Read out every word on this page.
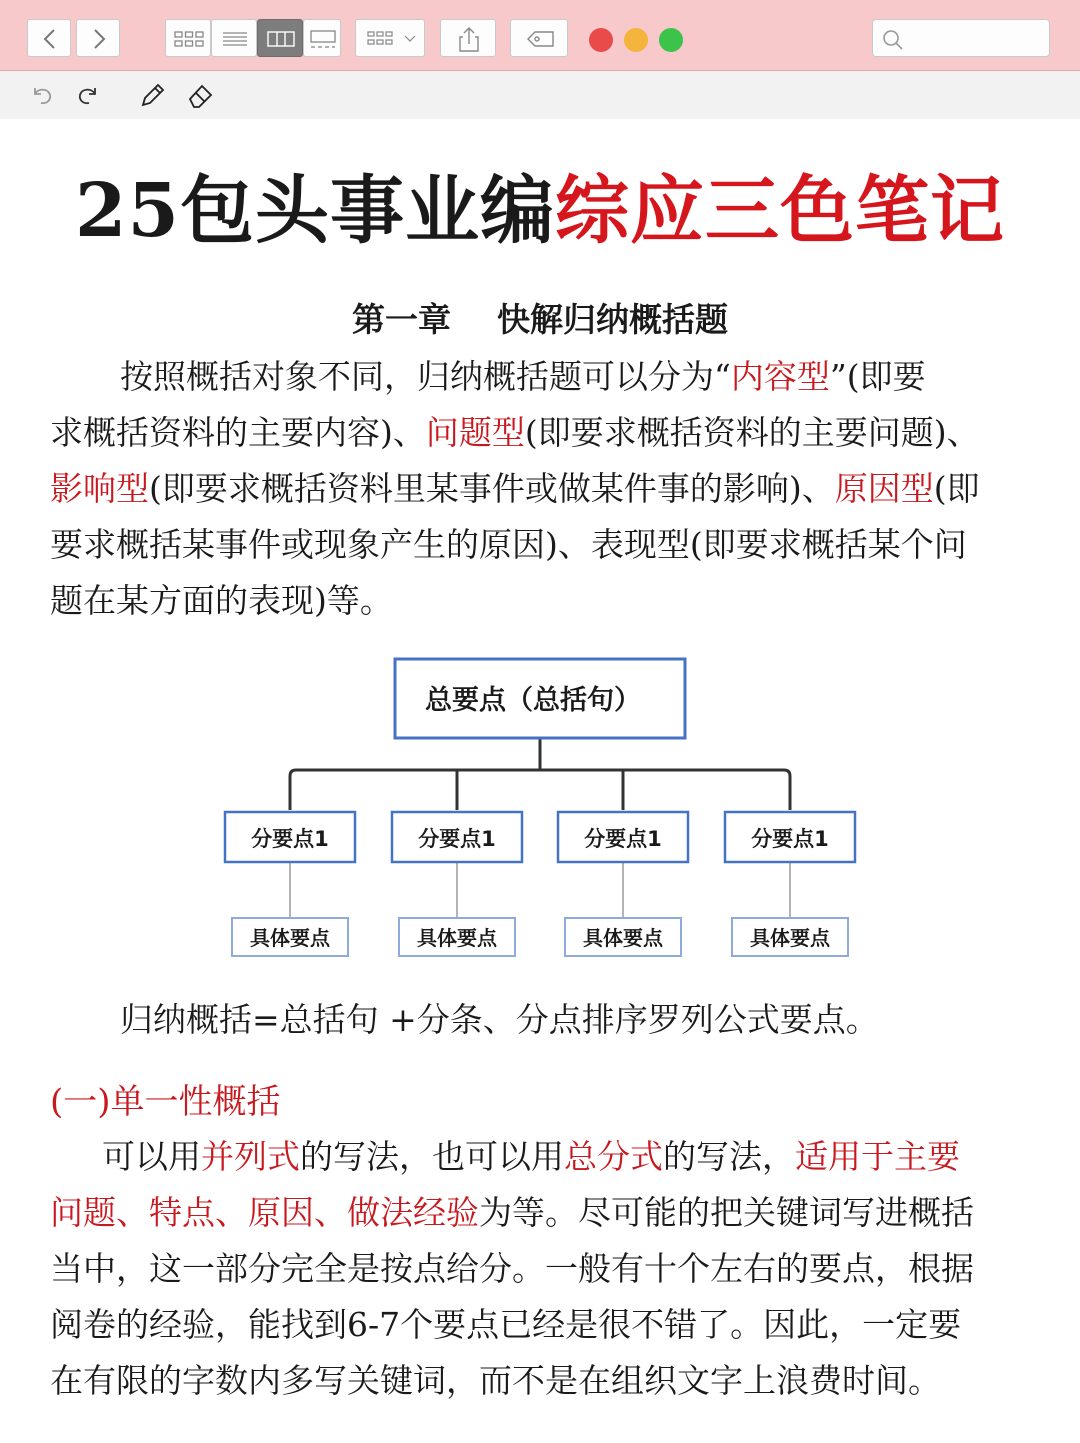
25包头事业编综应三色笔记
第一章    快解归纳概括题
按照概括对象不同，归纳概括题可以分为“内容型”(即要
求概括资料的主要内容)、问题型(即要求概括资料的主要问题)、
影响型(即要求概括资料里某事件或做某件事的影响)、原因型(即
要求概括某事件或现象产生的原因)、表现型(即要求概括某个问
题在某方面的表现)等。
总要点（总括句）
分要点1	分要点1	分要点1	分要点1
具体要点	具体要点	具体要点	具体要点
归纳概括=总括句 +分条、分点排序罗列公式要点。
(一)单一性概括
可以用并列式的写法，也可以用总分式的写法，适用于主要
问题、特点、原因、做法经验为等。尽可能的把关键词写进概括
当中，这一部分完全是按点给分。一般有十个左右的要点，根据
阅卷的经验，能找到6-7个要点已经是很不错了。因此，一定要
在有限的字数内多写关键词，而不是在组织文字上浪费时间。
